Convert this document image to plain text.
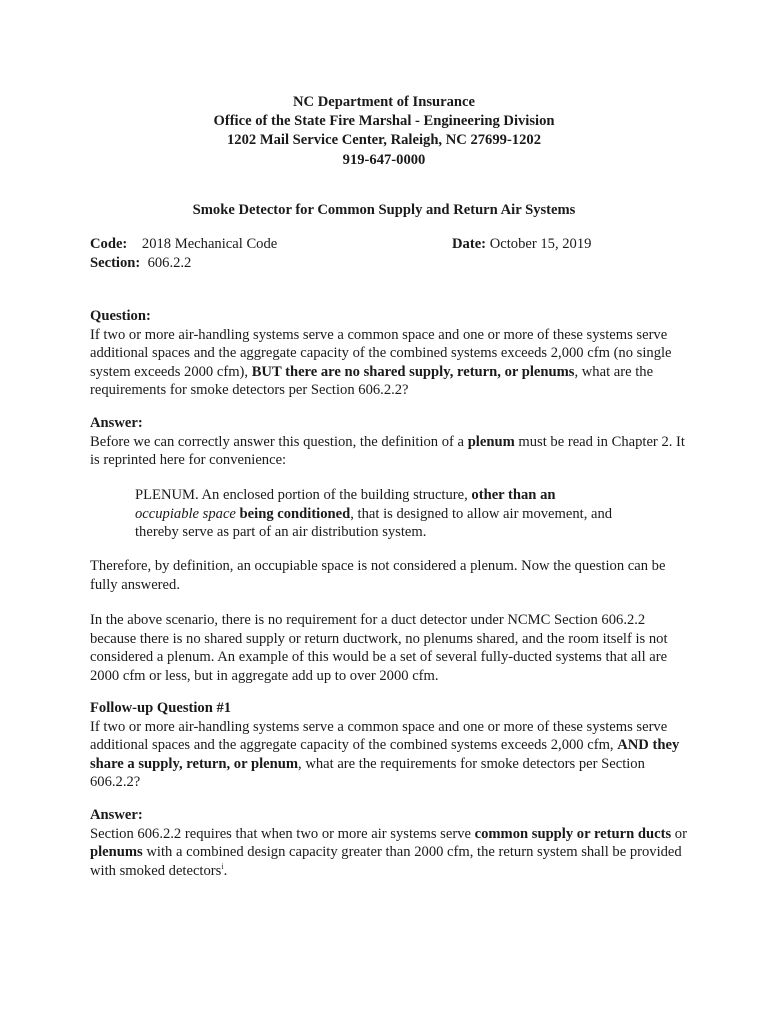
NC Department of Insurance
Office of the State Fire Marshal - Engineering Division
1202 Mail Service Center, Raleigh, NC 27699-1202
919-647-0000
Smoke Detector for Common Supply and Return Air Systems
Code: 2018 Mechanical Code	Date: October 15, 2019
Section: 606.2.2
Question:

If two or more air-handling systems serve a common space and one or more of these systems serve additional spaces and the aggregate capacity of the combined systems exceeds 2,000 cfm (no single system exceeds 2000 cfm), BUT there are no shared supply, return, or plenums, what are the requirements for smoke detectors per Section 606.2.2?

Answer:

Before we can correctly answer this question, the definition of a plenum must be read in Chapter 2. It is reprinted here for convenience:

PLENUM. An enclosed portion of the building structure, other than an
occupiable space being conditioned, that is designed to allow air movement, and thereby serve as part of an air distribution system.

Therefore, by definition, an occupiable space is not considered a plenum. Now the question can be fully answered.

In the above scenario, there is no requirement for a duct detector under NCMC Section 606.2.2 because there is no shared supply or return ductwork, no plenums shared, and the room itself is not considered a plenum. An example of this would be a set of several fully-ducted systems that all are 2000 cfm or less, but in aggregate add up to over 2000 cfm.

Follow-up Question #1

If two or more air-handling systems serve a common space and one or more of these systems serve additional spaces and the aggregate capacity of the combined systems exceeds 2,000 cfm, AND they share a supply, return, or plenum, what are the requirements for smoke detectors per Section 606.2.2?

Answer:

Section 606.2.2 requires that when two or more air systems serve common supply or return ducts or plenums with a combined design capacity greater than 2000 cfm, the return system shall be provided with smoked detectors$^i$.
